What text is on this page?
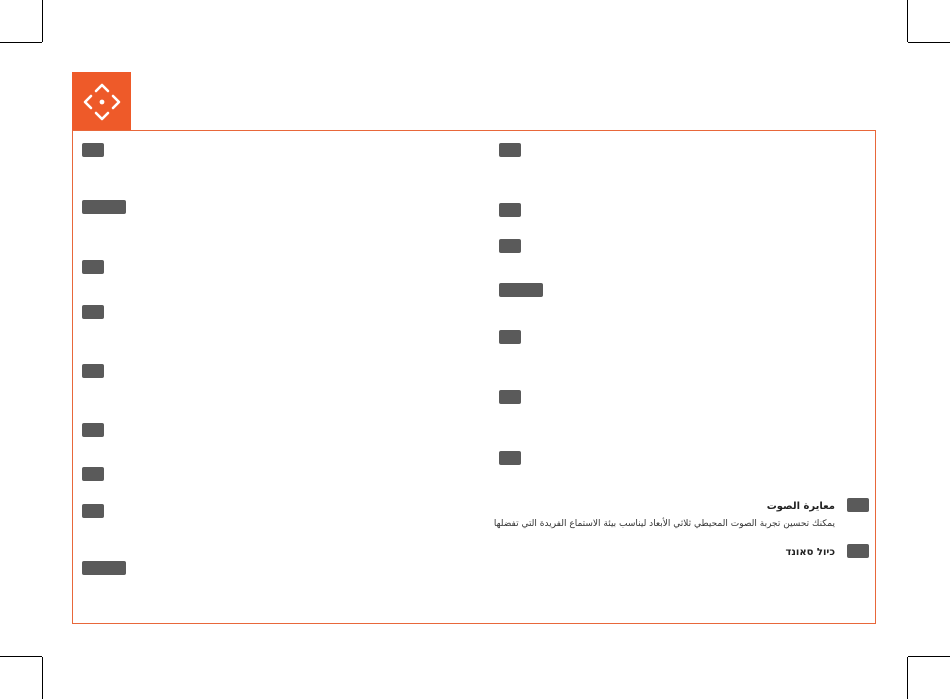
معايرة الصوت
يمكنك تحسين تجربة الصوت المحيطي ثلاثي الأبعاد ليناسب بيئة الاستماع الفريدة التي تفضلها
כיול סאונד
